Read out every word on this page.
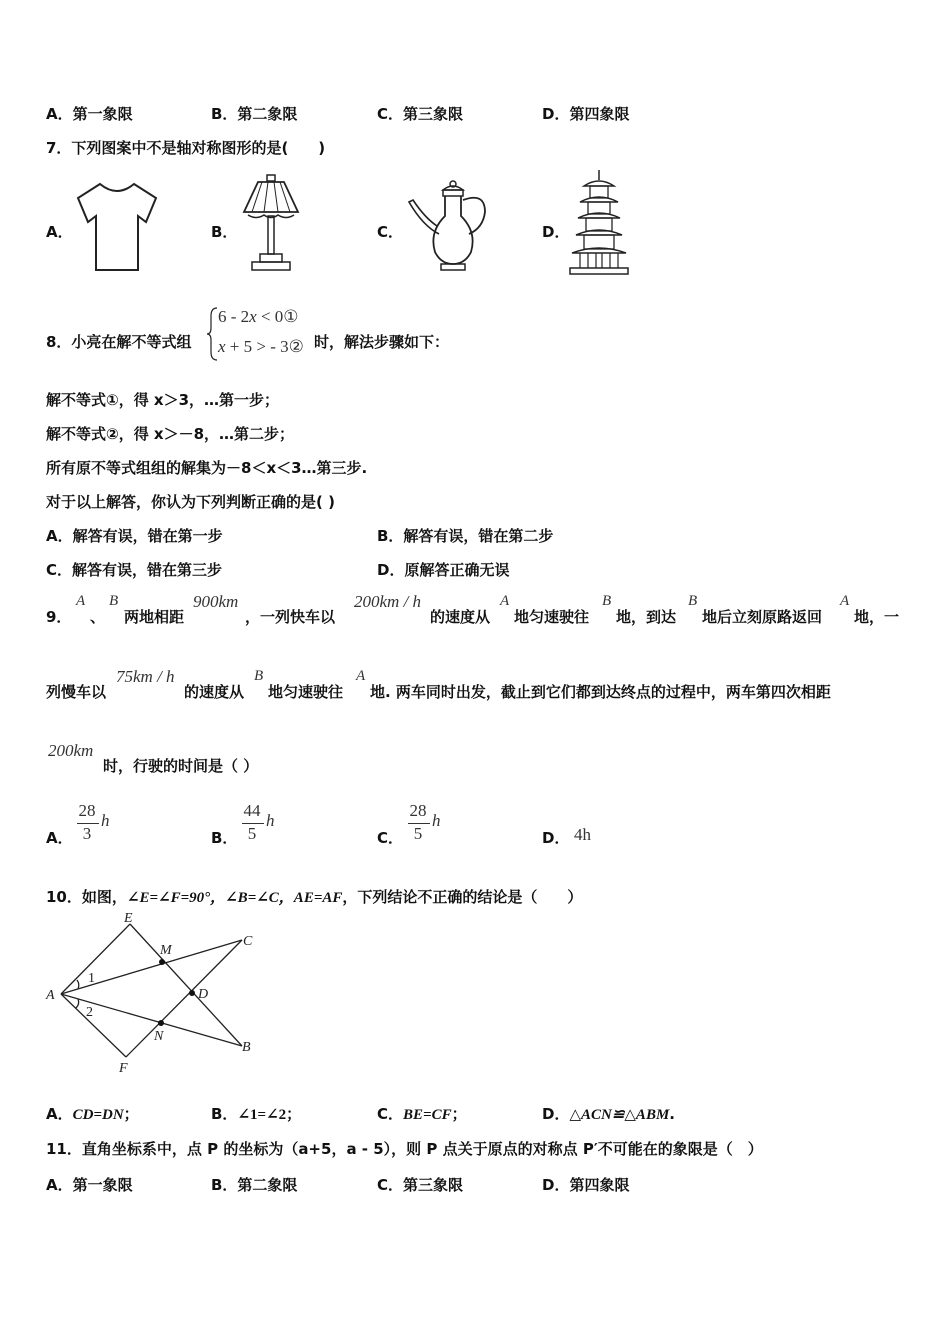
A．第一象限	B．第二象限	C．第三象限	D．第四象限
7．下列图案中不是轴对称图形的是(　　)
A．	B．	C．	D．
8．小亮在解不等式组
6 - 2x < 0①
x + 5 > - 3② 时，解法步骤如下：
解不等式①，得 x＞3，…第一步；
解不等式②，得 x＞－8，…第二步；
所有原不等式组组的解集为－8＜x＜3…第三步.
对于以上解答，你认为下列判断正确的是( )
A．解答有误，错在第一步	B．解答有误，错在第二步
C．解答有误，错在第三步	D．原解答正确无误
9．
A
、
B
两地相距
900km
，一列快车以
200km / h
的速度从
A
地匀速驶往
B
地，到达
B
地后立刻原路返回
A
地，一
列慢车以
75km / h
的速度从
B
地匀速驶往
A
地. 两车同时出发，截止到它们都到达终点的过程中，两车第四次相距
200km
时，行驶的时间是（ ）
A．
28
3
h
B．
44
5
h
C．
28
5
h
D． 4h
10．如图，∠E=∠F=90°，∠B=∠C，AE=AF，下列结论不正确的结论是（　　）
E
C
M
1
D
A
2
N
B
F
A．CD=DN；	B．∠1=∠2；	C．BE=CF；	D．△ACN≌△ABM.
11．直角坐标系中，点 P 的坐标为（a+5，a - 5），则 P 点关于原点的对称点 P′不可能在的象限是（　）
A．第一象限	B．第二象限	C．第三象限	D．第四象限
